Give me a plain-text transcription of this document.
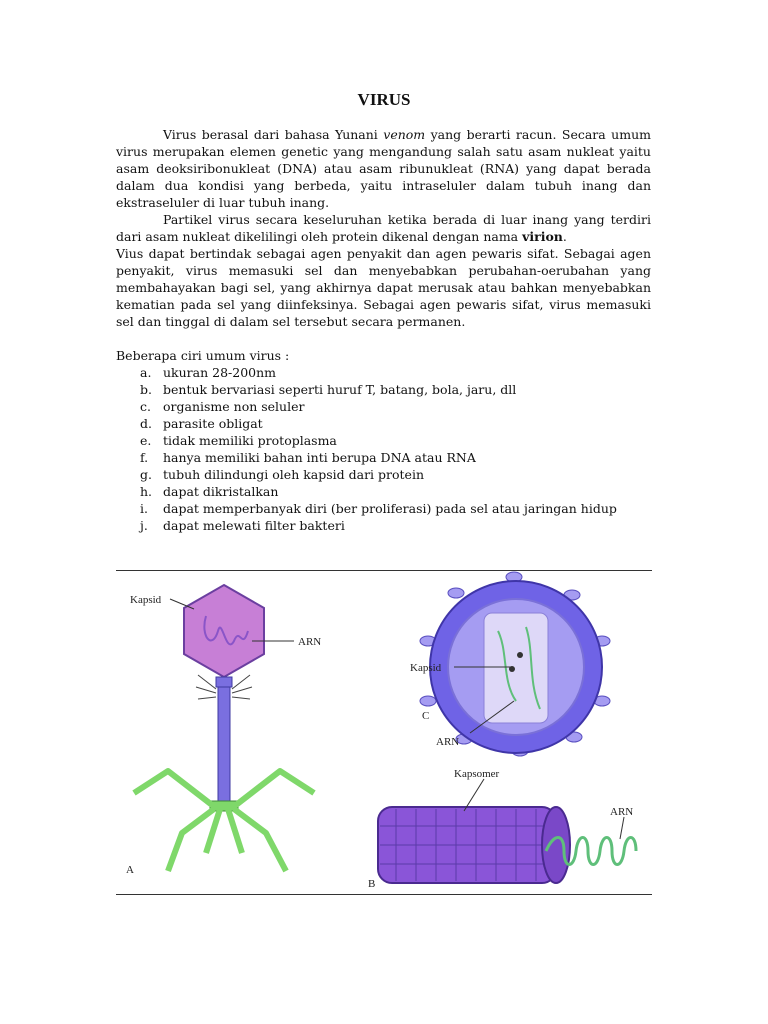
VIRUS

Virus berasal dari bahasa Yunani venom yang berarti racun. Secara umum virus merupakan elemen genetic yang mengandung salah satu asam nukleat yaitu asam deoksiribonukleat (DNA) atau asam ribunukleat (RNA) yang dapat berada dalam dua kondisi yang berbeda, yaitu intraseluler dalam tubuh inang dan ekstraseluler di luar tubuh inang.

Partikel virus secara keseluruhan ketika berada di luar inang yang terdiri dari asam nukleat dikelilingi oleh protein dikenal dengan nama virion.

Vius dapat bertindak sebagai agen penyakit dan agen pewaris sifat. Sebagai agen penyakit, virus memasuki sel dan menyebabkan perubahan-oerubahan yang membahayakan bagi sel, yang akhirnya dapat merusak atau bahkan menyebabkan kematian pada sel yang diinfeksinya. Sebagai agen pewaris sifat, virus memasuki sel dan tinggal di dalam sel tersebut secara permanen.

Beberapa ciri umum virus :

a. ukuran 28-200nm
b. bentuk bervariasi seperti huruf T, batang, bola, jaru, dll
c. organisme non seluler
d. parasite obligat
e. tidak memiliki protoplasma
f.	hanya memiliki bahan inti berupa DNA atau RNA
g. tubuh dilindungi oleh kapsid dari protein
h. dapat dikristalkan
i.	dapat memperbanyak diri (ber proliferasi) pada sel atau jaringan hidup
j.	dapat melewati filter bakteri
Kapsid
ARN
A
Kapsid
C
ARN
Kapsomer
ARN
B
